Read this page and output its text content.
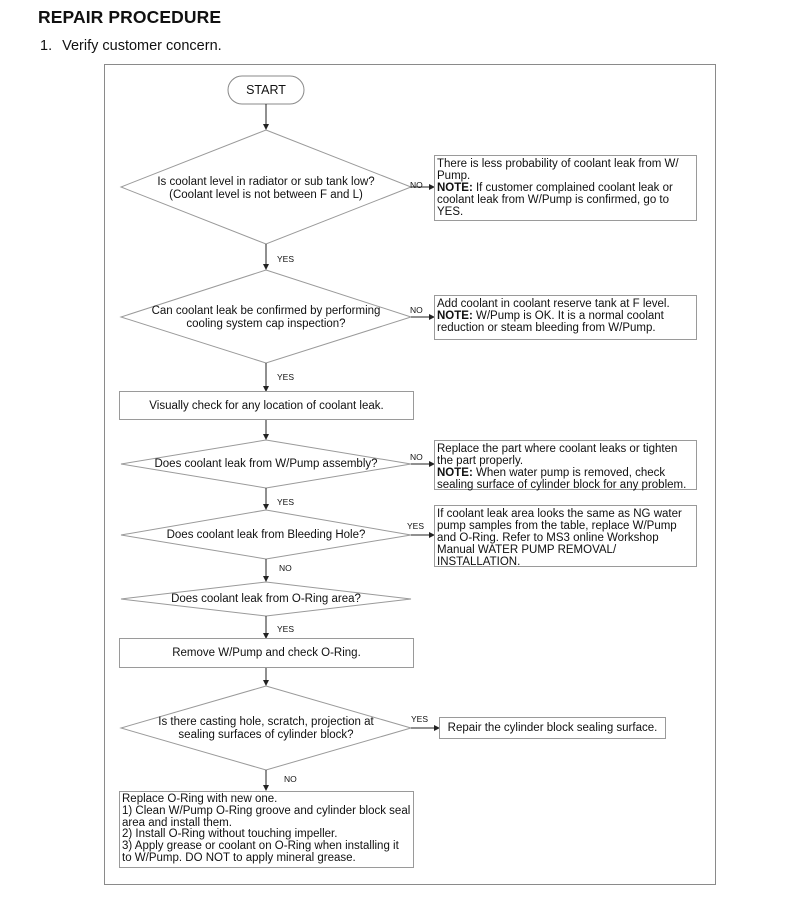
REPAIR PROCEDURE
1. Verify customer concern.
START
Is coolant level in radiator or sub tank low?
(Coolant level is not between F and L)
NO
YES
There is less probability of coolant leak from W/ Pump.
NOTE: If customer complained coolant leak or coolant leak from W/Pump is confirmed, go to YES.
Can coolant leak be confirmed by performing
cooling system cap inspection?
NO
YES
Add coolant in coolant reserve tank at F level.
NOTE: W/Pump is OK. It is a normal coolant reduction or steam bleeding from W/Pump.
Visually check for any location of coolant leak.
Does coolant leak from W/Pump assembly?
NO
YES
Replace the part where coolant leaks or tighten the part properly.
NOTE: When water pump is removed, check sealing surface of cylinder block for any problem.
Does coolant leak from Bleeding Hole?
YES
NO
If coolant leak area looks the same as NG water pump samples from the table, replace W/Pump and O-Ring. Refer to MS3 online Workshop Manual WATER PUMP REMOVAL/ INSTALLATION.
Does coolant leak from O-Ring area?
YES
Remove W/Pump and check O-Ring.
Is there casting hole, scratch, projection at
sealing surfaces of cylinder block?
YES
NO
Repair the cylinder block sealing surface.
Replace O-Ring with new one.
1) Clean W/Pump O-Ring groove and cylinder block seal area and install them.
2) Install O-Ring without touching impeller.
3) Apply grease or coolant on O-Ring when installing it to W/Pump. DO NOT to apply mineral grease.
